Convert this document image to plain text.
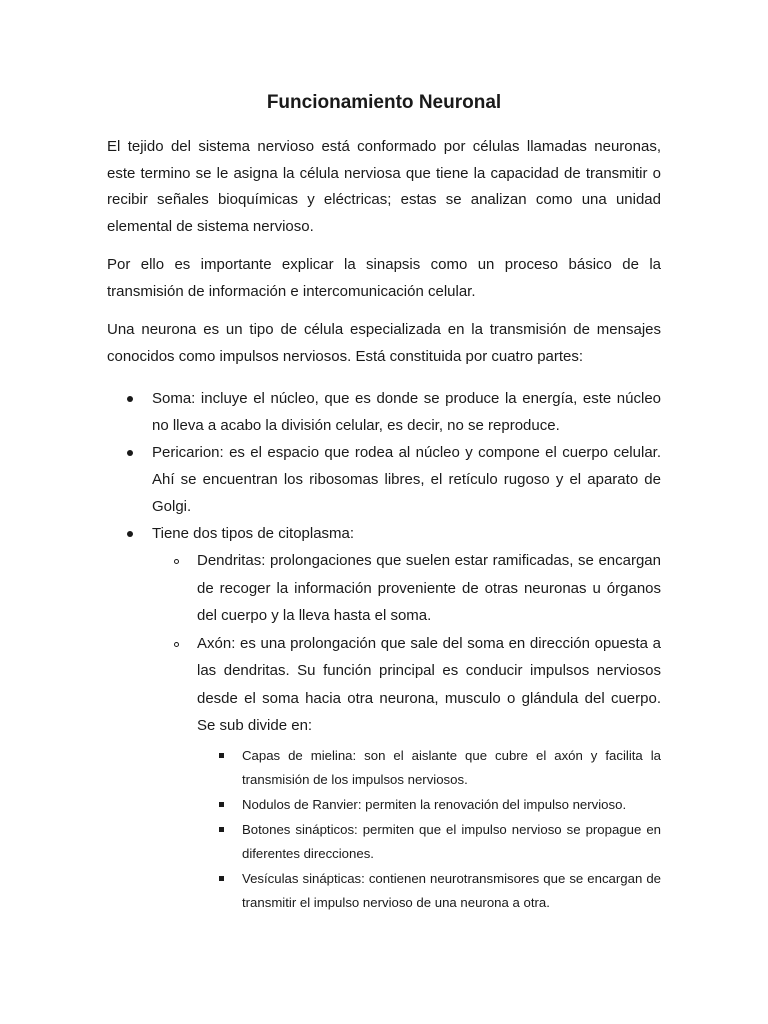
Funcionamiento Neuronal

El tejido del sistema nervioso está conformado por células llamadas neuronas, este termino se le asigna la célula nerviosa que tiene la capacidad de transmitir o recibir señales bioquímicas y eléctricas; estas se analizan como una unidad elemental de sistema nervioso.

Por ello es importante explicar la sinapsis como un proceso básico de la transmisión de información e intercomunicación celular.

Una neurona es un tipo de célula especializada en la transmisión de mensajes conocidos como impulsos nerviosos. Está constituida por cuatro partes:

Soma: incluye el núcleo, que es donde se produce la energía, este núcleo no lleva a acabo la división celular, es decir, no se reproduce.
Pericarion: es el espacio que rodea al núcleo y compone el cuerpo celular. Ahí se encuentran los ribosomas libres, el retículo rugoso y el aparato de Golgi.
Tiene dos tipos de citoplasma:
Dendritas: prolongaciones que suelen estar ramificadas, se encargan de recoger la información proveniente de otras neuronas u órganos del cuerpo y la lleva hasta el soma.
Axón: es una prolongación que sale del soma en dirección opuesta a las dendritas. Su función principal es conducir impulsos nerviosos desde el soma hacia otra neurona, musculo o glándula del cuerpo. Se sub divide en:
Capas de mielina: son el aislante que cubre el axón y facilita la transmisión de los impulsos nerviosos.
Nodulos de Ranvier: permiten la renovación del impulso nervioso.
Botones sinápticos: permiten que el impulso nervioso se propague en diferentes direcciones.
Vesículas sinápticas: contienen neurotransmisores que se encargan de transmitir el impulso nervioso de una neurona a otra.
